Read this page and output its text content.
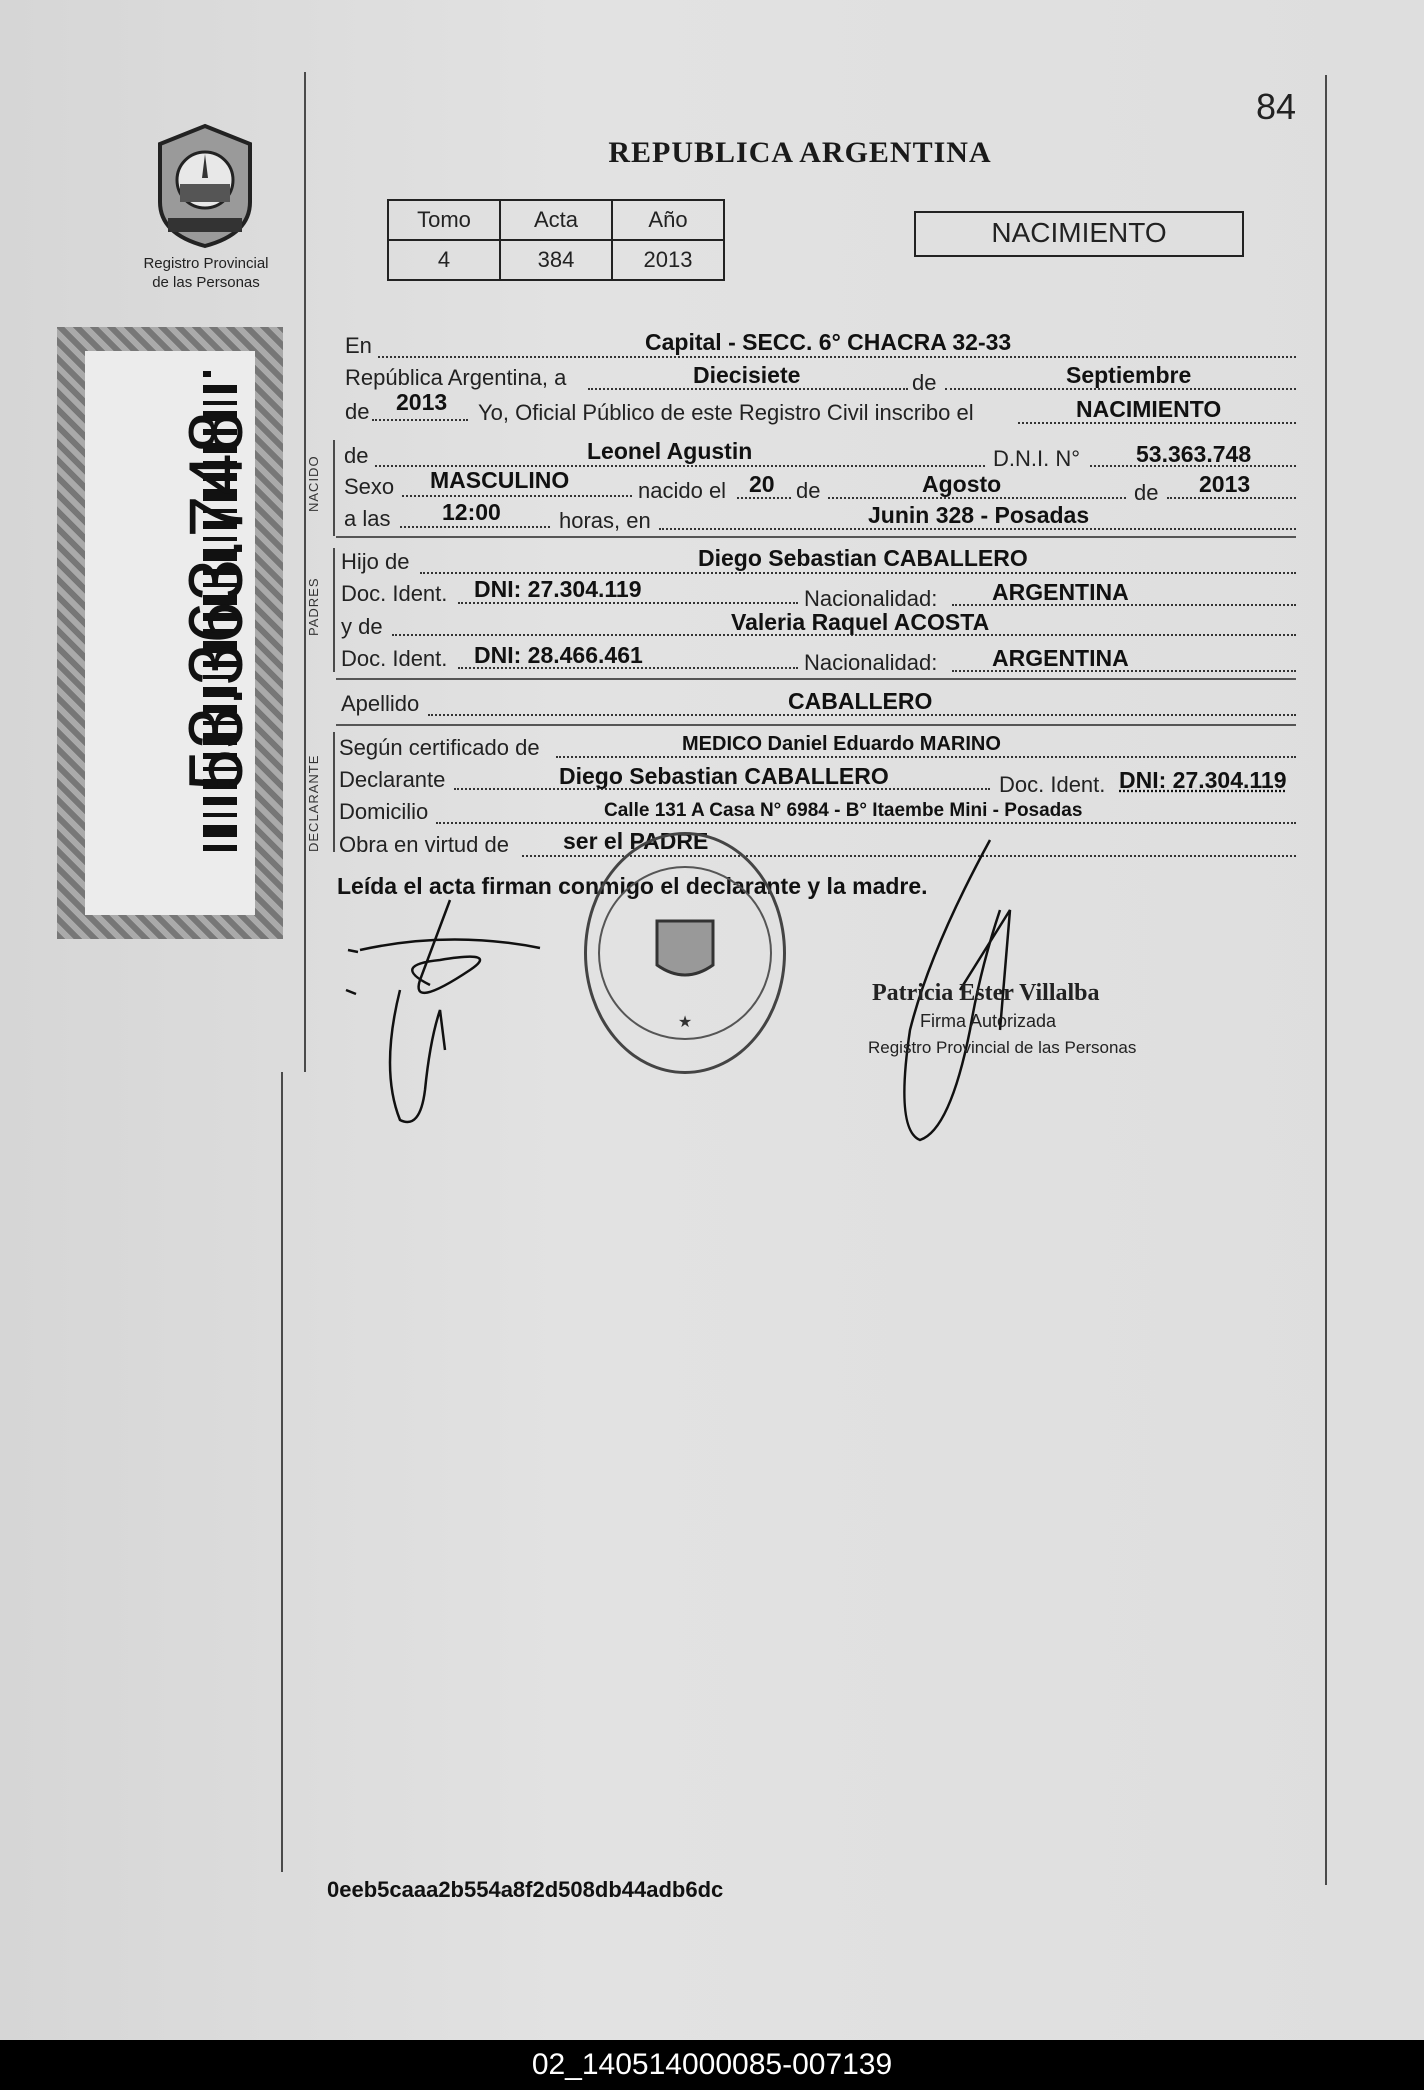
84
Registro Provincial
de las Personas
53.363.748
REPUBLICA ARGENTINA
Tomo	Acta	Año
4	384	2013
NACIMIENTO
NACIDO
PADRES
DECLARANTE
En	Capital - SECC. 6° CHACRA 32-33
República Argentina, a	Diecisiete	de	Septiembre
de 2013 Yo, Oficial Público de este Registro Civil inscribo el	NACIMIENTO
de	Leonel Agustin	D.N.I. N° 53.363.748
Sexo MASCULINO	nacido el 20 de	Agosto	de 2013
a las 12:00	horas, en	Junin 328 - Posadas
Hijo de	Diego Sebastian CABALLERO
Doc. Ident. DNI: 27.304.119	Nacionalidad: ARGENTINA
y de	Valeria Raquel ACOSTA
Doc. Ident. DNI: 28.466.461	Nacionalidad: ARGENTINA
Apellido	CABALLERO
Según certificado de	MEDICO Daniel Eduardo MARINO
Declarante	Diego Sebastian CABALLERO	Doc. Ident. DNI: 27.304.119
Domicilio	Calle 131 A Casa N° 6984 - B° Itaembe Mini - Posadas
Obra en virtud de ser el PADRE
Leída el acta firman conmigo el declarante y la madre.
★
Patricia Ester Villalba
Firma Autorizada
Registro Provincial de las Personas
0eeb5caaa2b554a8f2d508db44adb6dc
02_140514000085-007139
